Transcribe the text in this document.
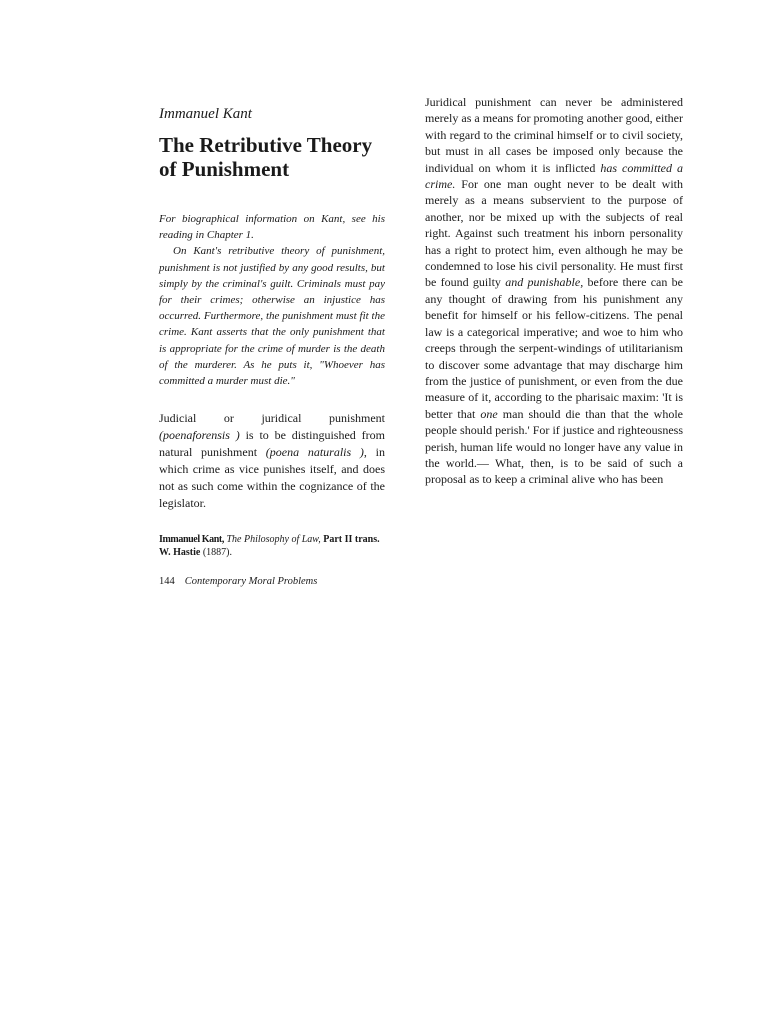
Immanuel Kant
The Retributive Theory of Punishment

For biographical information on Kant, see his reading in Chapter 1.

On Kant's retributive theory of punishment, punishment is not justified by any good results, but simply by the criminal's guilt. Criminals must pay for their crimes; otherwise an injustice has occurred. Furthermore, the punishment must fit the crime. Kant asserts that the only punishment that is appropriate for the crime of murder is the death of the murderer. As he puts it, "Whoever has committed a murder must die."

Judicial or juridical punishment (poenaforensis ) is to be distinguished from natural punishment (poena naturalis ), in which crime as vice punishes itself, and does not as such come within the cognizance of the legislator.
Immanuel Kant, The Philosophy of Law, Part II trans. W. Hastie (1887).
144 Contemporary Moral Problems

Juridical punishment can never be administered merely as a means for promoting another good, either with regard to the criminal himself or to civil society, but must in all cases be imposed only because the individual on whom it is inflicted has committed a crime. For one man ought never to be dealt with merely as a means subservient to the purpose of another, nor be mixed up with the subjects of real right. Against such treatment his inborn personality has a right to protect him, even although he may be condemned to lose his civil personality. He must first be found guilty and punishable, before there can be any thought of drawing from his punishment any benefit for himself or his fellow-citizens. The penal law is a categorical imperative; and woe to him who creeps through the serpent-windings of utilitarianism to discover some advantage that may discharge him from the justice of punishment, or even from the due measure of it, according to the pharisaic maxim: 'It is better that one man should die than that the whole people should perish.' For if justice and righteousness perish, human life would no longer have any value in the world.— What, then, is to be said of such a proposal as to keep a criminal alive who has been
